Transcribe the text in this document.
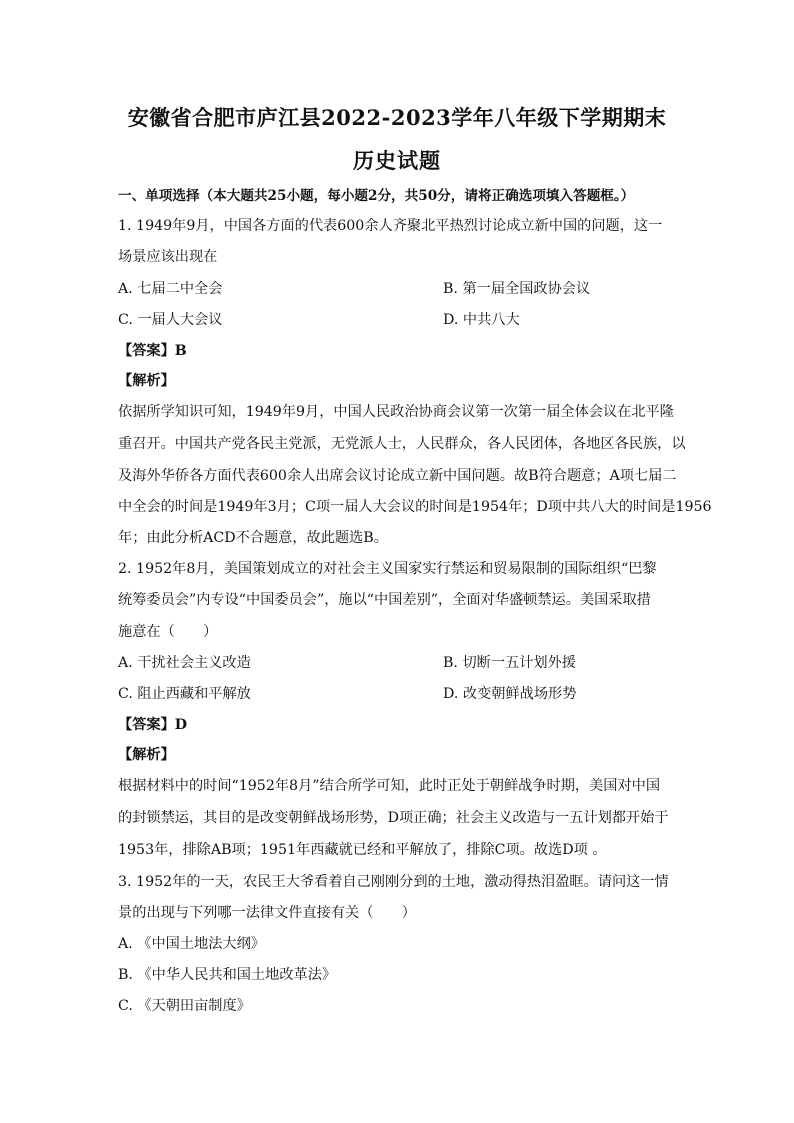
安徽省合肥市庐江县2022-2023学年八年级下学期期末
历史试题
一、单项选择（本大题共25小题，每小题2分，共50分，请将正确选项填入答题框。）
1. 1949年9月，中国各方面的代表600余人齐聚北平热烈讨论成立新中国的问题，这一
场景应该出现在
A. 七届二中全会	B. 第一届全国政协会议
C. 一届人大会议	D. 中共八大
【答案】B
【解析】
依据所学知识可知，1949年9月，中国人民政治协商会议第一次第一届全体会议在北平隆
重召开。中国共产党各民主党派，无党派人士，人民群众，各人民团体，各地区各民族，以
及海外华侨各方面代表600余人出席会议讨论成立新中国问题。故B符合题意；A项七届二
中全会的时间是1949年3月；C项一届人大会议的时间是1954年；D项中共八大的时间是1956
年；由此分析ACD不合题意，故此题选B。
2. 1952年8月，美国策划成立的对社会主义国家实行禁运和贸易限制的国际组织“巴黎
统筹委员会”内专设“中国委员会”，施以“中国差别”，全面对华盛顿禁运。美国采取措
施意在（　　）
A. 干扰社会主义改造	B. 切断一五计划外援
C. 阻止西藏和平解放	D. 改变朝鲜战场形势
【答案】D
【解析】
根据材料中的时间“1952年8月”结合所学可知，此时正处于朝鲜战争时期，美国对中国
的封锁禁运，其目的是改变朝鲜战场形势，D项正确；社会主义改造与一五计划都开始于
1953年，排除AB项；1951年西藏就已经和平解放了，排除C项。故选D项 。
3. 1952年的一天，农民王大爷看着自己刚刚分到的土地，激动得热泪盈眶。请问这一情
景的出现与下列哪一法律文件直接有关（　　）
A. 《中国土地法大纲》
B. 《中华人民共和国土地改革法》
C. 《天朝田亩制度》
